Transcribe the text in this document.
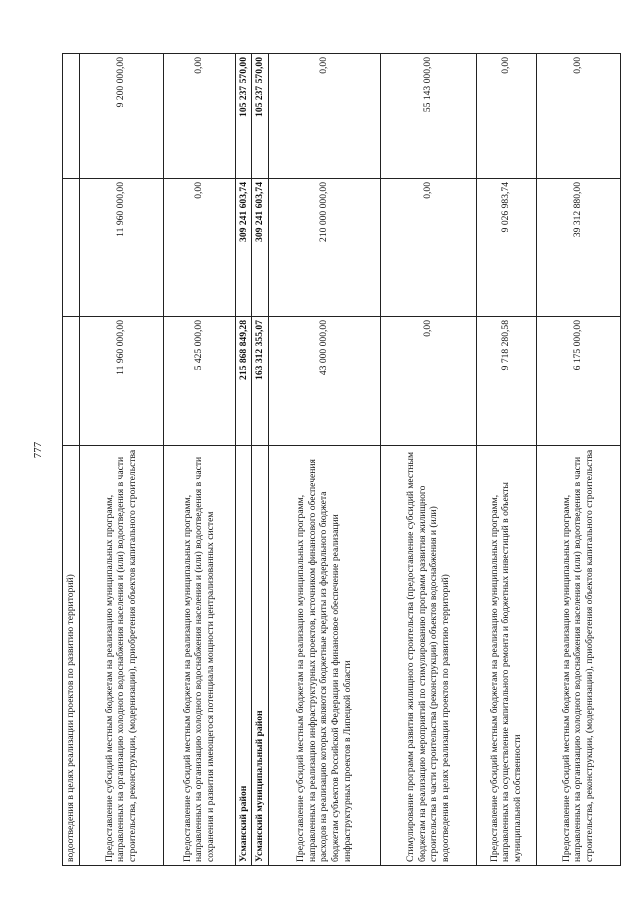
777
водоотведения в целях реализации проектов по развитию территорий)			
Предоставление субсидий местным бюджетам на реализацию муниципальных программ, направленных на организацию холодного водоснабжения населения и (или) водоотведения в части строительства, реконструкции, (модернизации), приобретения объектов капитального строительства	11 960 000,00	11 960 000,00	9 200 000,00
Предоставление субсидий местным бюджетам на реализацию муниципальных программ, направленных на организацию холодного водоснабжения населения и (или) водоотведения в части сохранения и развития имеющегося потенциала мощности централизованных систем	5 425 000,00	0,00	0,00
Усманский район	215 868 849,28	309 241 603,74	105 237 570,00
Усманский муниципальный район	163 312 355,07	309 241 603,74	105 237 570,00
Предоставление субсидий местным бюджетам на реализацию муниципальных программ, направленных на реализацию инфраструктурных проектов, источником финансового обеспечения расходов на реализацию которых являются бюджетные кредиты из федерального бюджета бюджетам субъектов Российской Федерации на финансовое обеспечение реализации инфраструктурных проектов в Липецкой области	43 000 000,00	210 000 000,00	0,00
Стимулирование программ развития жилищного строительства (предоставление субсидий местным бюджетам на реализацию мероприятий по стимулированию программ развития жилищного строительства в части строительства (реконструкции) объектов водоснабжения и (или) водоотведения в целях реализации проектов по развитию территорий)	0,00	0,00	55 143 000,00
Предоставление субсидий местным бюджетам на реализацию муниципальных программ, направленных на осуществление капитального ремонта и бюджетных инвестиций в объекты муниципальной собственности	9 718 280,58	9 026 983,74	0,00
Предоставление субсидий местным бюджетам на реализацию муниципальных программ, направленных на организацию холодного водоснабжения населения и (или) водоотведения в части строительства, реконструкции, (модернизации), приобретения объектов капитального строительства	6 175 000,00	39 312 880,00	0,00
